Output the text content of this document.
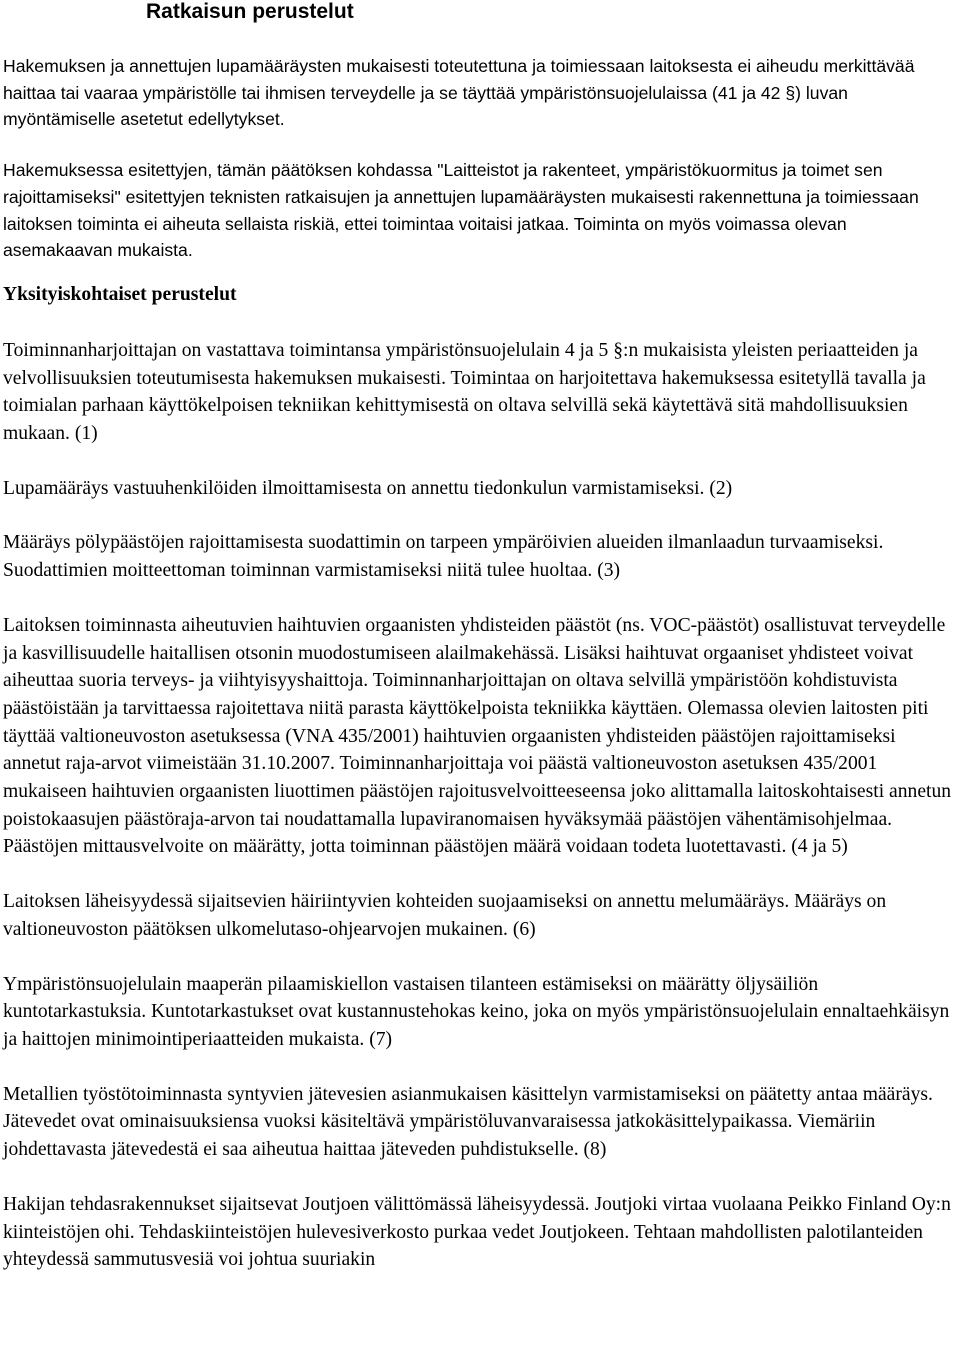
Ratkaisun perustelut

Hakemuksen ja annettujen lupamääräysten mukaisesti toteutettuna ja toimiessaan laitoksesta ei aiheudu merkittävää haittaa tai vaaraa ympäristölle tai ihmisen terveydelle ja se täyttää ympäristönsuojelulaissa (41 ja 42 §) luvan myöntämiselle asetetut edellytykset.

Hakemuksessa esitettyjen, tämän päätöksen kohdassa "Laitteistot ja rakenteet, ympäristökuormitus ja toimet sen rajoittamiseksi" esitettyjen teknisten ratkaisujen ja annettujen lupamääräysten mukaisesti rakennettuna ja toimiessaan laitoksen toiminta ei aiheuta sellaista riskiä, ettei toimintaa voitaisi jatkaa. Toiminta on myös voimassa olevan asemakaavan mukaista.

Yksityiskohtaiset perustelut

Toiminnanharjoittajan on vastattava toimintansa ympäristönsuojelulain 4 ja 5 §:n mukaisista yleisten periaatteiden ja velvollisuuksien toteutumisesta hakemuksen mukaisesti. Toimintaa on harjoitettava hakemuksessa esitetyllä tavalla ja toimialan parhaan käyttökelpoisen tekniikan kehittymisestä on oltava selvillä sekä käytettävä sitä mahdollisuuksien mukaan. (1)

Lupamääräys vastuuhenkilöiden ilmoittamisesta on annettu tiedonkulun varmistamiseksi. (2)

Määräys pölypäästöjen rajoittamisesta suodattimin on tarpeen ympäröivien alueiden ilmanlaadun turvaamiseksi. Suodattimien moitteettoman toiminnan varmistamiseksi niitä tulee huoltaa. (3)

Laitoksen toiminnasta aiheutuvien haihtuvien orgaanisten yhdisteiden päästöt (ns. VOC-päästöt) osallistuvat terveydelle ja kasvillisuudelle haitallisen otsonin muodostumiseen alailmakehässä. Lisäksi haihtuvat orgaaniset yhdisteet voivat aiheuttaa suoria terveys- ja viihtyisyyshaittoja. Toiminnanharjoittajan on oltava selvillä ympäristöön kohdistuvista päästöistään ja tarvittaessa rajoitettava niitä parasta käyttökelpoista tekniikka käyttäen. Olemassa olevien laitosten piti täyttää valtioneuvoston asetuksessa (VNA 435/2001) haihtuvien orgaanisten yhdisteiden päästöjen rajoittamiseksi annetut raja-arvot viimeistään 31.10.2007. Toiminnanharjoittaja voi päästä valtioneuvoston asetuksen 435/2001 mukaiseen haihtuvien orgaanisten liuottimen päästöjen rajoitusvelvoitteeseensa joko alittamalla laitoskohtaisesti annetun poistokaasujen päästöraja-arvon tai noudattamalla lupaviranomaisen hyväksymää päästöjen vähentämisohjelmaa. Päästöjen mittausvelvoite on määrätty, jotta toiminnan päästöjen määrä voidaan todeta luotettavasti. (4 ja 5)

Laitoksen läheisyydessä sijaitsevien häiriintyvien kohteiden suojaamiseksi on annettu melumääräys. Määräys on valtioneuvoston päätöksen ulkomelutaso-ohjearvojen mukainen. (6)

Ympäristönsuojelulain maaperän pilaamiskiellon vastaisen tilanteen estämiseksi on määrätty öljysäiliön kuntotarkastuksia. Kuntotarkastukset ovat kustannustehokas keino, joka on myös ympäristönsuojelulain ennaltaehkäisyn ja haittojen minimointiperiaatteiden mukaista. (7)

Metallien työstötoiminnasta syntyvien jätevesien asianmukaisen käsittelyn varmistamiseksi on päätetty antaa määräys. Jätevedet ovat ominaisuuksiensa vuoksi käsiteltävä ympäristöluvanvaraisessa jatkokäsittelypaikassa. Viemäriin johdettavasta jätevedestä ei saa aiheutua haittaa jäteveden puhdistukselle. (8)

Hakijan tehdasrakennukset sijaitsevat Joutjoen välittömässä läheisyydessä. Joutjoki virtaa vuolaana Peikko Finland Oy:n kiinteistöjen ohi. Tehdaskiinteistöjen hulevesiverkosto purkaa vedet Joutjokeen. Tehtaan mahdollisten palotilanteiden yhteydessä sammutusvesiä voi johtua suuriakin
